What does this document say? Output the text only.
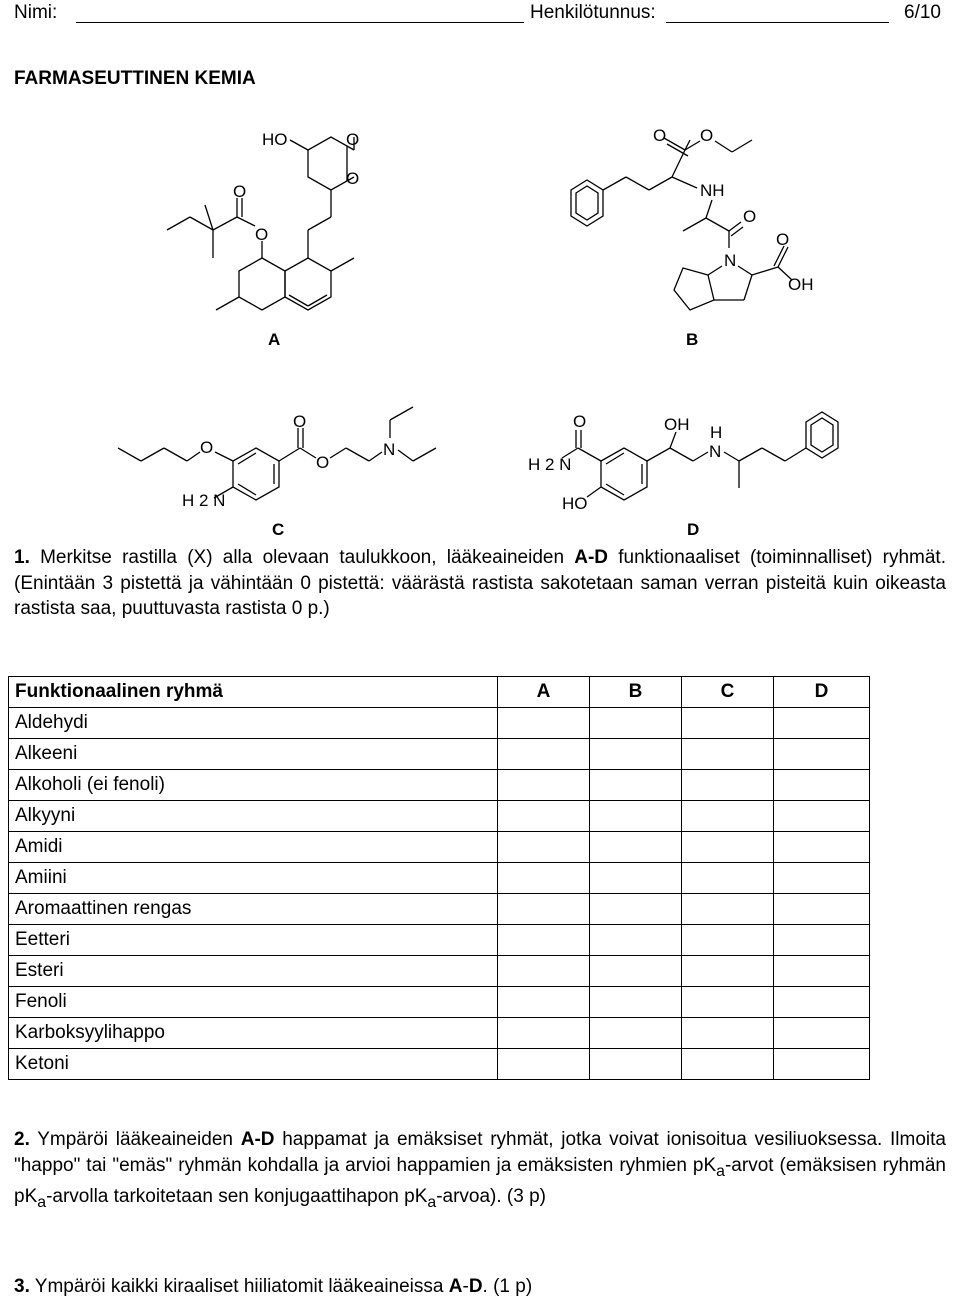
Nimi:	Henkilötunnus:	6/10
FARMASEUTTINEN KEMIA
O
O
HO	O
O
O O
NH
O
N
O
OH
O
H 2 N
O
O
N
O
H 2 N
HO
OH H
N
A	B
C	D
1. Merkitse rastilla (X) alla olevaan taulukkoon, lääkeaineiden A-D funktionaaliset (toiminnalliset) ryhmät. (Enintään 3 pistettä ja vähintään 0 pistettä: väärästä rastista sakotetaan saman verran pisteitä kuin oikeasta rastista saa, puuttuvasta rastista 0 p.)
Funktionaalinen ryhmä	A	B	C	D
Aldehydi				
Alkeeni				
Alkoholi (ei fenoli)				
Alkyyni				
Amidi				
Amiini				
Aromaattinen rengas				
Eetteri				
Esteri				
Fenoli				
Karboksyylihappo				
Ketoni				
2. Ympäröi lääkeaineiden A-D happamat ja emäksiset ryhmät, jotka voivat ionisoitua vesiliuoksessa. Ilmoita "happo" tai "emäs" ryhmän kohdalla ja arvioi happamien ja emäksisten ryhmien $pK_a$-arvot (emäksisen ryhmän $pK_a$-arvolla tarkoitetaan sen konjugaattihapon $pK_a-arvoa$). (3 p)
3. Ympäröi kaikki kiraaliset hiiliatomit lääkeaineissa A-D. (1 p)
